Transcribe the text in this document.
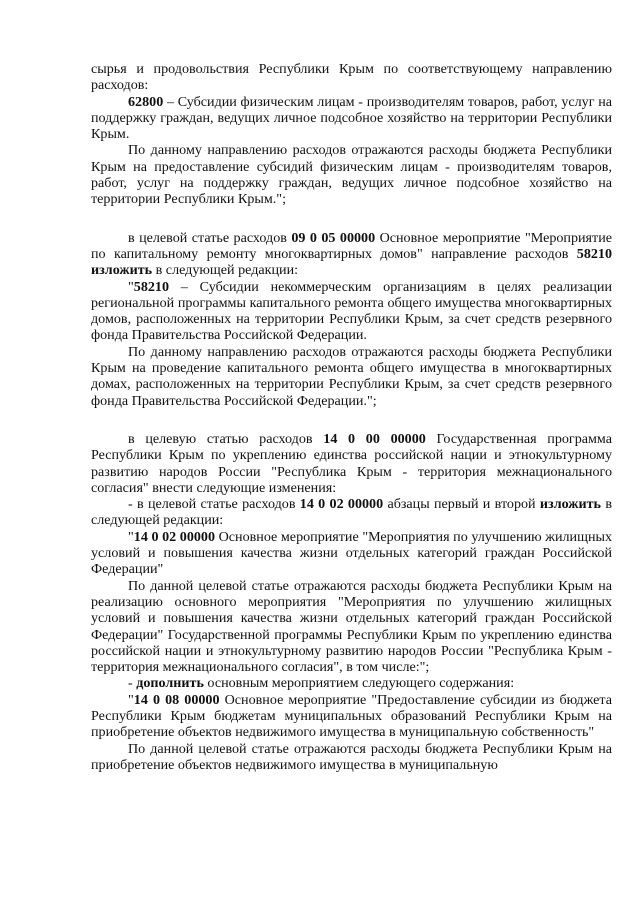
сырья и продовольствия Республики Крым по соответствующему направлению расходов:

62800 – Субсидии физическим лицам - производителям товаров, работ, услуг на поддержку граждан, ведущих личное подсобное хозяйство на территории Республики Крым.

По данному направлению расходов отражаются расходы бюджета Республики Крым на предоставление субсидий физическим лицам - производителям товаров, работ, услуг на поддержку граждан, ведущих личное подсобное хозяйство на территории Республики Крым.";

в целевой статье расходов 09 0 05 00000 Основное мероприятие "Мероприятие по капитальному ремонту многоквартирных домов" направление расходов 58210 изложить в следующей редакции:

"58210 – Субсидии некоммерческим организациям в целях реализации региональной программы капитального ремонта общего имущества многоквартирных домов, расположенных на территории Республики Крым, за счет средств резервного фонда Правительства Российской Федерации.

По данному направлению расходов отражаются расходы бюджета Республики Крым на проведение капитального ремонта общего имущества в многоквартирных домах, расположенных на территории Республики Крым, за счет средств резервного фонда Правительства Российской Федерации.";

в целевую статью расходов 14 0 00 00000 Государственная программа Республики Крым по укреплению единства российской нации и этнокультурному развитию народов России "Республика Крым - территория межнационального согласия" внести следующие изменения:

- в целевой статье расходов 14 0 02 00000 абзацы первый и второй изложить в следующей редакции:

"14 0 02 00000 Основное мероприятие "Мероприятия по улучшению жилищных условий и повышения качества жизни отдельных категорий граждан Российской Федерации"

По данной целевой статье отражаются расходы бюджета Республики Крым на реализацию основного мероприятия "Мероприятия по улучшению жилищных условий и повышения качества жизни отдельных категорий граждан Российской Федерации" Государственной программы Республики Крым по укреплению единства российской нации и этнокультурному развитию народов России "Республика Крым - территория межнационального согласия", в том числе:";

- дополнить основным мероприятием следующего содержания:

"14 0 08 00000 Основное мероприятие "Предоставление субсидии из бюджета Республики Крым бюджетам муниципальных образований Республики Крым на приобретение объектов недвижимого имущества в муниципальную собственность"

По данной целевой статье отражаются расходы бюджета Республики Крым на приобретение объектов недвижимого имущества в муниципальную
